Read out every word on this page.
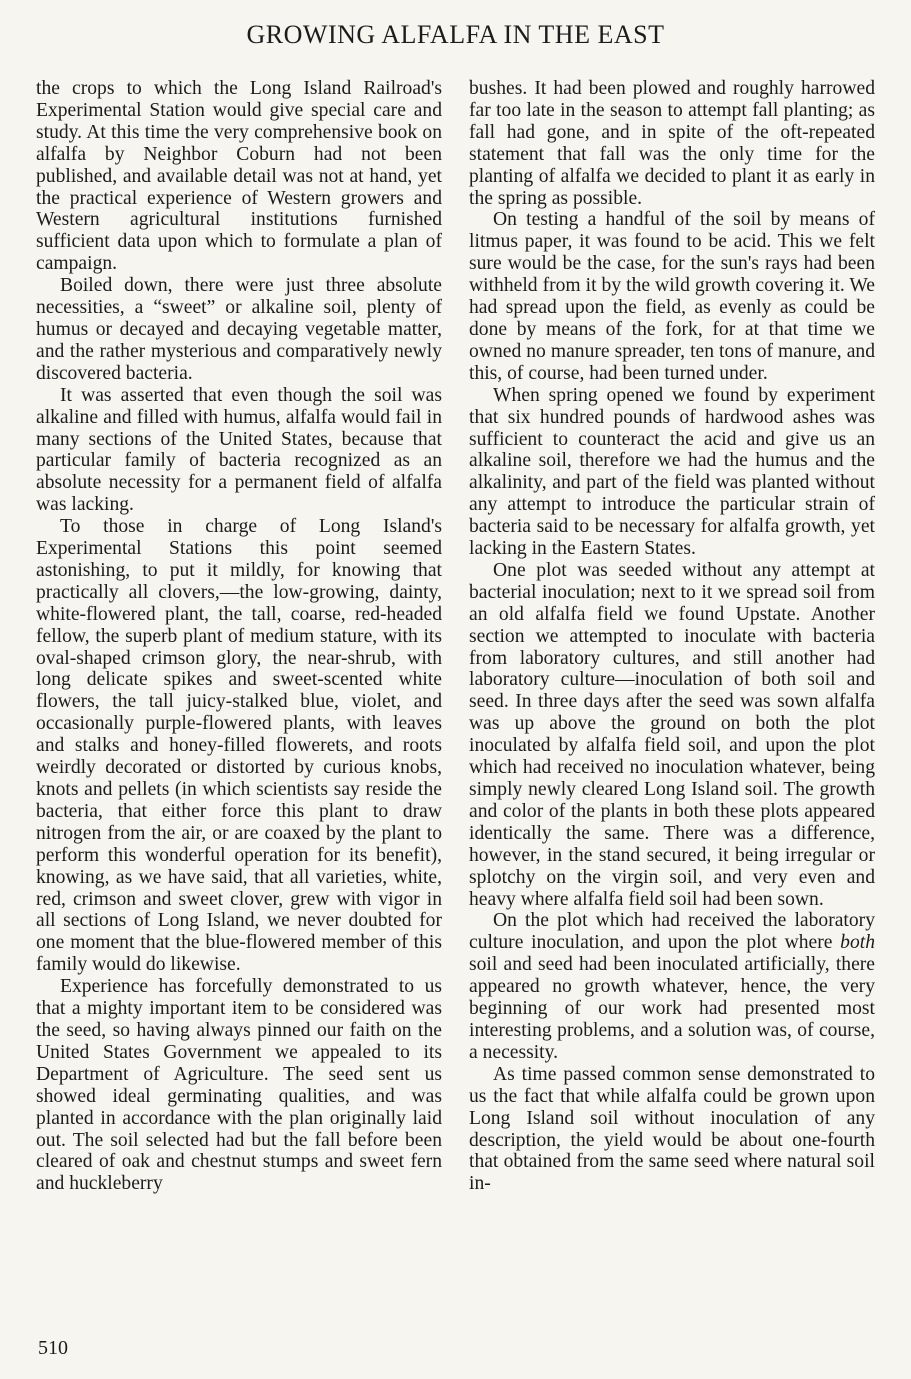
GROWING ALFALFA IN THE EAST

the crops to which the Long Island Railroad's Experimental Station would give special care and study. At this time the very comprehensive book on alfalfa by Neighbor Coburn had not been published, and available detail was not at hand, yet the practical experience of Western growers and Western agricultural institutions furnished sufficient data upon which to formulate a plan of campaign.

Boiled down, there were just three absolute necessities, a “sweet” or alkaline soil, plenty of humus or decayed and decaying vegetable matter, and the rather mysterious and comparatively newly discovered bacteria.

It was asserted that even though the soil was alkaline and filled with humus, alfalfa would fail in many sections of the United States, because that particular family of bacteria recognized as an absolute necessity for a permanent field of alfalfa was lacking.

To those in charge of Long Island's Experimental Stations this point seemed astonishing, to put it mildly, for knowing that practically all clovers,—the low-growing, dainty, white-flowered plant, the tall, coarse, red-headed fellow, the superb plant of medium stature, with its oval-shaped crimson glory, the near-shrub, with long delicate spikes and sweet-scented white flowers, the tall juicy-stalked blue, violet, and occasionally purple-flowered plants, with leaves and stalks and honey-filled flowerets, and roots weirdly decorated or distorted by curious knobs, knots and pellets (in which scientists say reside the bacteria, that either force this plant to draw nitrogen from the air, or are coaxed by the plant to perform this wonderful operation for its benefit), knowing, as we have said, that all varieties, white, red, crimson and sweet clover, grew with vigor in all sections of Long Island, we never doubted for one moment that the blue-flowered member of this family would do likewise.

Experience has forcefully demonstrated to us that a mighty important item to be considered was the seed, so having always pinned our faith on the United States Government we appealed to its Department of Agriculture. The seed sent us showed ideal germinating qualities, and was planted in accordance with the plan originally laid out. The soil selected had but the fall before been cleared of oak and chestnut stumps and sweet fern and huckleberry

bushes. It had been plowed and roughly harrowed far too late in the season to attempt fall planting; as fall had gone, and in spite of the oft-repeated statement that fall was the only time for the planting of alfalfa we decided to plant it as early in the spring as possible.

On testing a handful of the soil by means of litmus paper, it was found to be acid. This we felt sure would be the case, for the sun's rays had been withheld from it by the wild growth covering it. We had spread upon the field, as evenly as could be done by means of the fork, for at that time we owned no manure spreader, ten tons of manure, and this, of course, had been turned under.

When spring opened we found by experiment that six hundred pounds of hardwood ashes was sufficient to counteract the acid and give us an alkaline soil, therefore we had the humus and the alkalinity, and part of the field was planted without any attempt to introduce the particular strain of bacteria said to be necessary for alfalfa growth, yet lacking in the Eastern States.

One plot was seeded without any attempt at bacterial inoculation; next to it we spread soil from an old alfalfa field we found Upstate. Another section we attempted to inoculate with bacteria from laboratory cultures, and still another had laboratory culture—inoculation of both soil and seed. In three days after the seed was sown alfalfa was up above the ground on both the plot inoculated by alfalfa field soil, and upon the plot which had received no inoculation whatever, being simply newly cleared Long Island soil. The growth and color of the plants in both these plots appeared identically the same. There was a difference, however, in the stand secured, it being irregular or splotchy on the virgin soil, and very even and heavy where alfalfa field soil had been sown.

On the plot which had received the laboratory culture inoculation, and upon the plot where both soil and seed had been inoculated artificially, there appeared no growth whatever, hence, the very beginning of our work had presented most interesting problems, and a solution was, of course, a necessity.

As time passed common sense demonstrated to us the fact that while alfalfa could be grown upon Long Island soil without inoculation of any description, the yield would be about one-fourth that obtained from the same seed where natural soil in-

510
